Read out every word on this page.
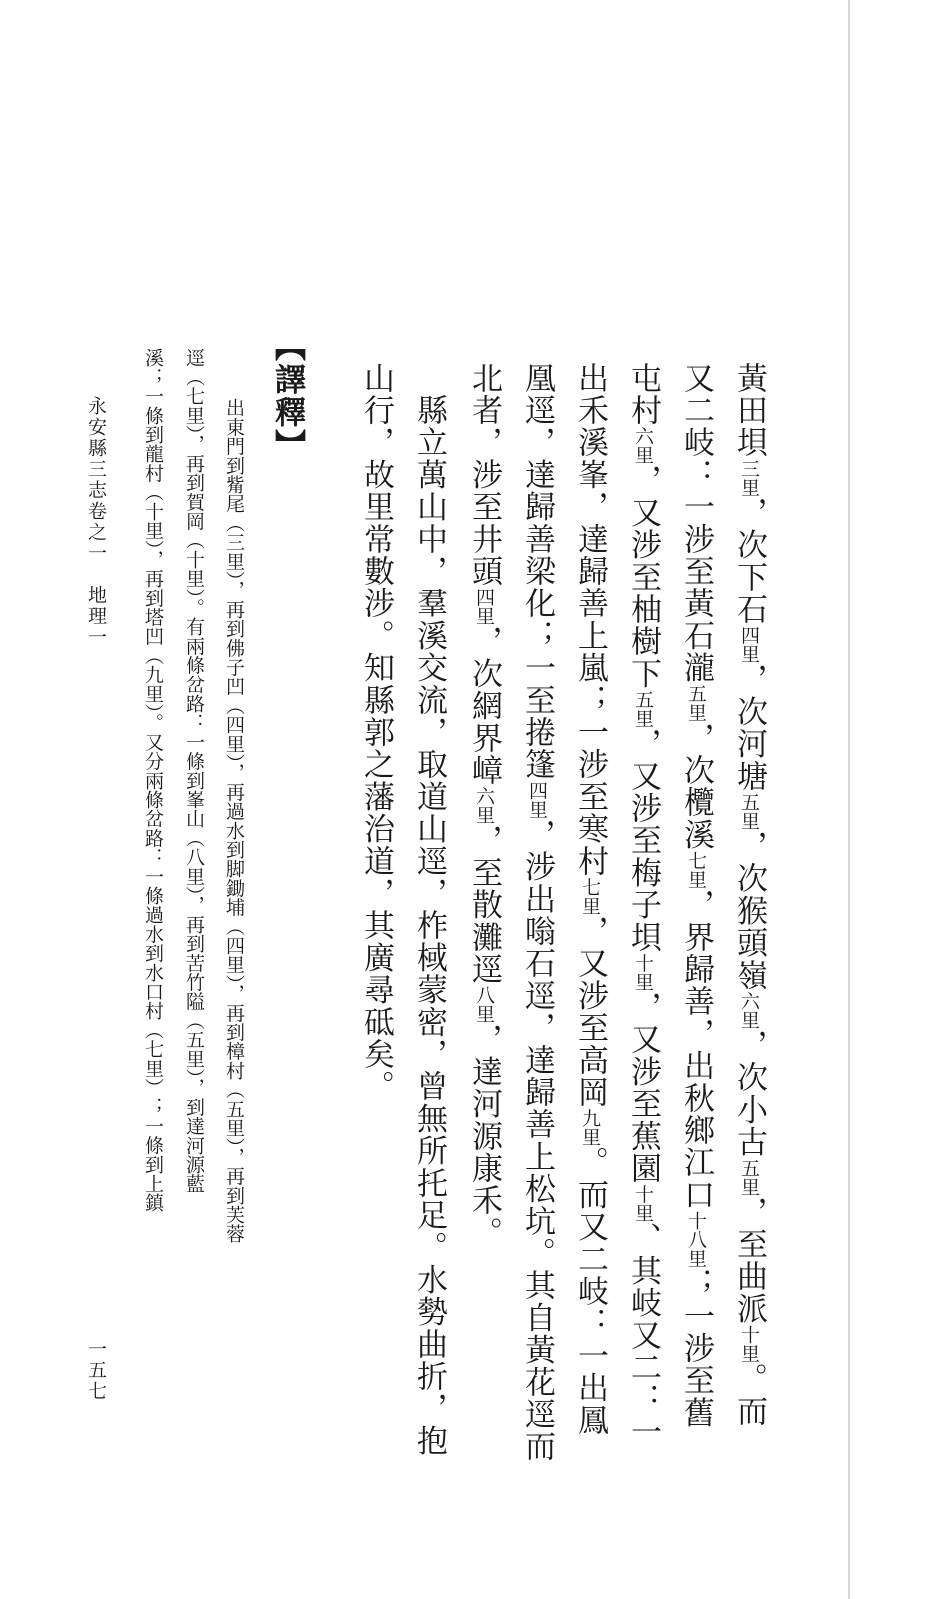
黃田垻三里，次下石四里，次河塘五里，次猴頭嶺六里，次小古五里，至曲派十里。而

又二岐：一涉至黃石瀧五里，次欖溪七里，界歸善，出秋鄉江口十八里；一涉至舊

屯村六里，又涉至柚樹下五里，又涉至梅子垻十里，又涉至蕉園十里、其岐又二：一

出禾溪峯，達歸善上嵐；一涉至寒村七里，又涉至高岡九里。而又二岐：一出鳳

凰逕，達歸善梁化；一至捲篷四里，涉出嗡石逕，達歸善上松坑。其自黃花逕而

北者，涉至井頭四里，次網界嶂六里，至散灘逕八里，達河源康禾。

　縣立萬山中，羣溪交流，取道山逕，柞棫蒙密，曾無所托足。水勢曲折，抱

山行，故里常數涉。知縣郭之藩治道，其廣尋砥矣。

【譯釋】

出東門到觜尾（三里），再到佛子凹（四里），再過水到脚鋤埔（四里），再到樟村（五里），再到芙蓉

逕（七里），再到賀岡（十里）。有兩條岔路：一條到峯山（八里），再到苦竹隘（五里），到達河源藍

溪；一條到龍村（十里），再到塔凹（九里）。又分兩條岔路：一條過水到水口村（七里）；一條到上鎮

永安縣三志卷之一　地理一

一五七
